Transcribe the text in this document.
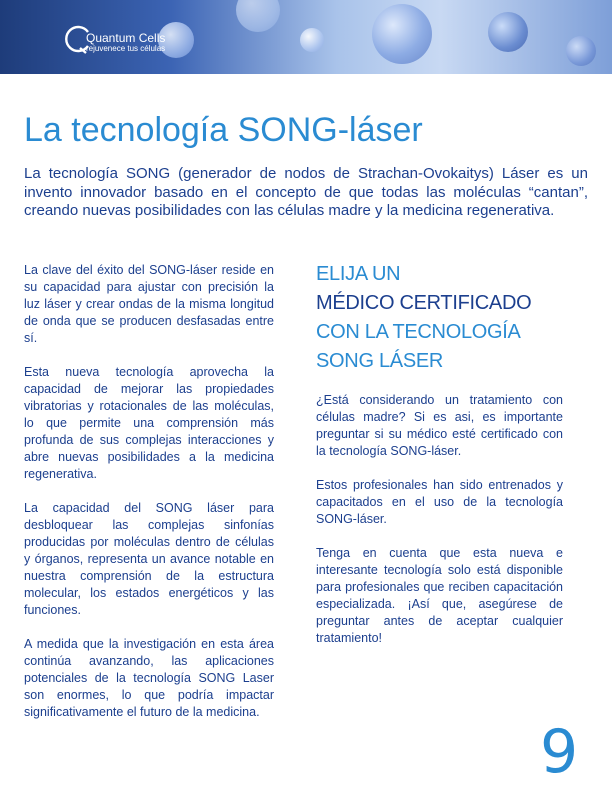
Quantum Cells
rejuvenece tus células
La tecnología SONG-láser

La tecnología SONG (generador de nodos de Strachan-Ovokaitys) Láser es un invento innovador basado en el concepto de que todas las moléculas “cantan”, creando nuevas posibilidades con las células madre y la medicina regenerativa.

La clave del éxito del SONG-láser reside en su capacidad para ajustar con precisión la luz láser y crear ondas de la misma longitud de onda que se producen desfasadas entre sí.

Esta nueva tecnología aprovecha la capacidad de mejorar las propiedades vibratorias y rotacionales de las moléculas, lo que permite una comprensión más profunda de sus complejas interacciones y abre nuevas posibilidades a la medicina regenerativa.

La capacidad del SONG láser para desbloquear las complejas sinfonías producidas por moléculas dentro de células y órganos, representa un avance notable en nuestra comprensión de la estructura molecular, los estados energéticos y las funciones.

A medida que la investigación en esta área continúa avanzando, las aplicaciones potenciales de la tecnología SONG Laser son enormes, lo que podría impactar significativamente el futuro de la medicina.

ELIJA UN
MÉDICO CERTIFICADO
CON LA TECNOLOGÍA
SONG LÁSER

¿Está considerando un tratamiento con células madre? Si es asi, es importante preguntar si su médico esté certificado con la tecnología SONG-láser.

Estos profesionales han sido entrenados y capacitados en el uso de la tecnología SONG-láser.

Tenga en cuenta que esta nueva e interesante tecnología solo está disponible para profesionales que reciben capacitación especializada. ¡Así que, asegúrese de preguntar antes de aceptar cualquier tratamiento!

9
